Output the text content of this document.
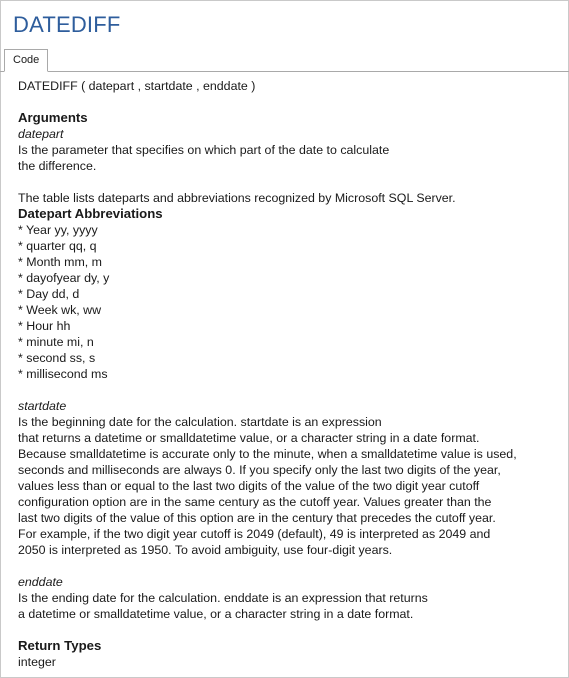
DATEDIFF
Code
DATEDIFF ( datepart , startdate , enddate )
Arguments
datepart
Is the parameter that specifies on which part of the date to calculate
the difference.
The table lists dateparts and abbreviations recognized by Microsoft SQL Server.
Datepart Abbreviations
* Year yy, yyyy
* quarter qq, q
* Month mm, m
* dayofyear dy, y
* Day dd, d
* Week wk, ww
* Hour hh
* minute mi, n
* second ss, s
* millisecond ms
startdate
Is the beginning date for the calculation. startdate is an expression
that returns a datetime or smalldatetime value, or a character string in a date format.
Because smalldatetime is accurate only to the minute, when a smalldatetime value is used,
seconds and milliseconds are always 0. If you specify only the last two digits of the year,
values less than or equal to the last two digits of the value of the two digit year cutoff
configuration option are in the same century as the cutoff year. Values greater than the
last two digits of the value of this option are in the century that precedes the cutoff year.
For example, if the two digit year cutoff is 2049 (default), 49 is interpreted as 2049 and
2050 is interpreted as 1950. To avoid ambiguity, use four-digit years.
enddate
Is the ending date for the calculation. enddate is an expression that returns
a datetime or smalldatetime value, or a character string in a date format.
Return Types
integer
